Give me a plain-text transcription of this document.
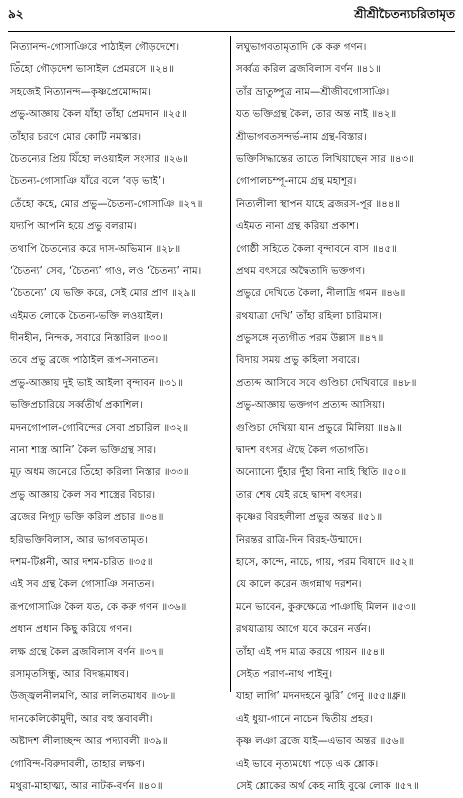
৯২	শ্রীশ্রীচৈতন্যচরিতামৃত
নিত্যানন্দ-গোসাঞিরে পাঠাইল গৌড়দেশে।
তিঁহো গৌড়দেশ ভাসাইল প্রেমরসে ॥২৪॥
সহজেই নিত্যানন্দ—কৃষ্ণপ্রেমোদ্দাম।
প্রভু-আজ্ঞায় কৈল যাঁহা তাঁহা প্রেমদান ॥২৫॥
তাঁহার চরণে মোর কোটি নমস্কার।
চৈতন্যের প্রিয় যিঁহো লওয়াইল সংসার ॥২৬॥
চৈতন্য-গোসাঞি যাঁরে বলে ‘বড় ভাই’।
তেঁহো কহে, মোর প্রভু—চৈতন্য-গোসাঞি ॥২৭॥
যদ্যপি আপনি হয়ে প্রভু বলরাম।
তথাপি চৈতন্যের করে দাস-অভিমান ॥২৮॥
‘চৈতন্য’ সেব, ‘চৈতন্য’ গাও, লও ‘চৈতন্য’ নাম।
‘চৈতন্যে’ যে ভক্তি করে, সেই মোর প্রাণ ॥২৯॥
এইমত লোকে চৈতন্য-ভক্তি লওয়াইল।
দীনহীন, নিন্দক, সবারে নিস্তারিল ॥৩০॥
তবে প্রভু ব্রজে পাঠাইল রূপ-সনাতন।
প্রভু-আজ্ঞায় দুই ভাই আইলা বৃন্দাবন ॥৩১॥
ভক্তিপ্রচারিয়ে সর্ব্বতীর্থ প্রকাশিল।
মদনগোপাল-গোবিন্দের সেবা প্রচারিল ॥৩২॥
নানা শাস্ত্র আনি’ কৈল ভক্তিগ্রন্থ সার।
মূঢ় অধম জনেরে তিঁহো করিলা নিস্তার ॥৩৩॥
প্রভু আজ্ঞায় কৈল সব শাস্ত্রের বিচার।
ব্রজের নিগূঢ় ভক্তি করিল প্রচার ॥৩৪॥
হরিভক্তিবিলাস, আর ভাগবতামৃত।
দশম-টিপ্পনী, আর দশম-চরিত ॥৩৫॥
এই সব গ্রন্থ কৈল গোসাঞি সনাতন।
রূপগোসাঞি কৈল যত, কে করু গণন ॥৩৬॥
প্রধান প্রধান কিছু করিয়ে গণন।
লক্ষ গ্রন্থে কৈল ব্রজবিলাস বর্ণন ॥৩৭॥
রসামৃতসিন্ধু, আর বিদগ্ধমাধব।
উজ্জ্বলনীলমণি, আর ললিতমাধব ॥৩৮॥
দানকেলিকৌমুদী, আর বহু স্তবাবলী।
অষ্টাদশ লীলাচ্ছন্দ আর পদ্যাবলী ॥৩৯॥
গোবিন্দ-বিরুদাবলী, তাহার লক্ষণ।
মথুরা-মাহাত্ম্য, আর নাটক-বর্ণন ॥৪০॥
লঘুভাগবতামৃতাদি কে করু গণন।
সর্ব্বত্র করিল ব্রজবিলাস বর্ণন ॥৪১॥
তাঁর ভ্রাতুষ্পুত্র নাম—শ্রীজীবগোসাঞি।
যত ভক্তিগ্রন্থ কৈল, তার অন্ত নাই ॥৪২॥
শ্রীভাগবতসন্দর্ভ-নাম গ্রন্থ-বিস্তার।
ভক্তিসিদ্ধান্তের তাতে লিখিয়াছেন সার ॥৪৩॥
গোপালচম্পূ-নামে গ্রন্থ মহাশূর।
নিত্যলীলা স্থাপন যাহে ব্রজরস-পূর ॥৪৪॥
এইমত নানা গ্রন্থ করিয়া প্রকাশ।
গোষ্ঠী সহিতে কৈলা বৃন্দাবনে বাস ॥৪৫॥
প্রথম বৎসরে অদ্বৈতাদি ভক্তগণ।
প্রভুরে দেখিতে কৈলা, নীলাদ্রি গমন ॥৪৬॥
রথযাত্রা দেখি’ তাঁহা রহিলা চারিমাস।
প্রভুসঙ্গে নৃত্যগীত পরম উল্লাস ॥৪৭॥
বিদায় সময় প্রভু কহিলা সবারে।
প্রত্যব্দ আসিবে সবে গুণ্ডিচা দেখিবারে ॥৪৮॥
প্রভু-আজ্ঞায় ভক্তগণ প্রত্যব্দ আসিয়া।
গুণ্ডিচা দেখিয়া যান প্রভুরে মিলিয়া ॥৪৯॥
দ্বাদশ বৎসর ঐছে কৈল গতাগতি।
অন্যোন্যে দুঁহার দুঁহা বিনা নাহি স্থিতি ॥৫০॥
তার শেষ যেই রহে দ্বাদশ বৎসর।
কৃষ্ণের বিরহলীলা প্রভুর অন্তর ॥৫১॥
নিরন্তর রাত্রি-দিন বিরহ-উন্মাদে।
হাসে, কান্দে, নাচে, গায়, পরম বিষাদে ॥৫২॥
যে কালে করেন জগন্নাথ দরশন।
মনে ভাবেন, কুরুক্ষেত্রে পাঞাছি মিলন ॥৫৩॥
রথযাত্রায় আগে যবে করেন নর্ত্তন।
তাঁহা এই পদ মাত্র করয়ে গায়ন ॥৫৪॥
সেইত পরাণ-নাথ পাইনু।
যাহা লাগি’ মদনদহনে ঝুরি’ গেনু ॥৫৫॥ধ্রু॥
এই ধুয়া-গানে নাচেন দ্বিতীয় প্রহর।
কৃষ্ণ লঞা ব্রজে যাই—এভাব অন্তর ॥৫৬॥
এই ভাবে নৃত্যমধ্যে পড়ে এক শ্লোক।
সেই শ্লোকের অর্থ কেহ নাহি বুঝে লোক ॥৫৭॥
